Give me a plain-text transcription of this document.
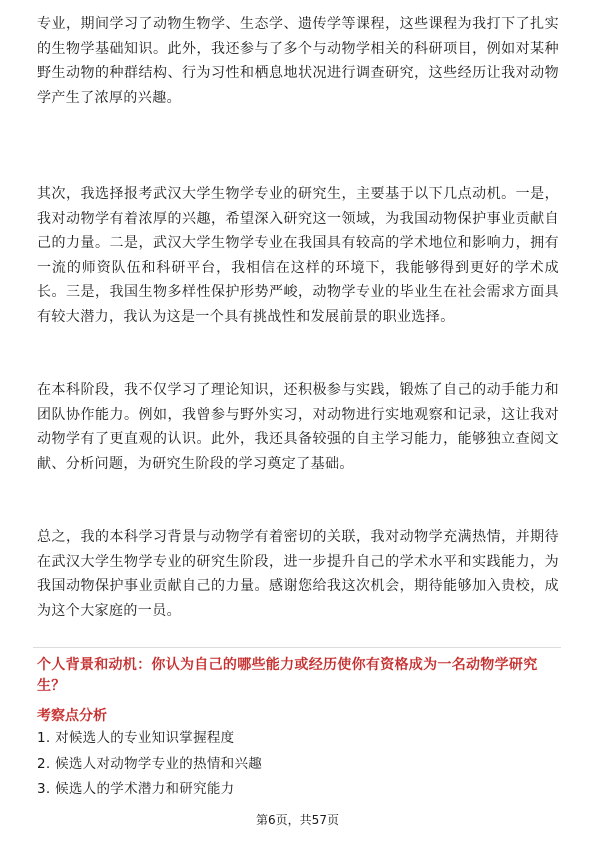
专业，期间学习了动物生物学、生态学、遗传学等课程，这些课程为我打下了扎实的生物学基础知识。此外，我还参与了多个与动物学相关的科研项目，例如对某种野生动物的种群结构、行为习性和栖息地状况进行调查研究，这些经历让我对动物学产生了浓厚的兴趣。

其次，我选择报考武汉大学生物学专业的研究生，主要基于以下几点动机。一是，我对动物学有着浓厚的兴趣，希望深入研究这一领域，为我国动物保护事业贡献自己的力量。二是，武汉大学生物学专业在我国具有较高的学术地位和影响力，拥有一流的师资队伍和科研平台，我相信在这样的环境下，我能够得到更好的学术成长。三是，我国生物多样性保护形势严峻，动物学专业的毕业生在社会需求方面具有较大潜力，我认为这是一个具有挑战性和发展前景的职业选择。

在本科阶段，我不仅学习了理论知识，还积极参与实践，锻炼了自己的动手能力和团队协作能力。例如，我曾参与野外实习，对动物进行实地观察和记录，这让我对动物学有了更直观的认识。此外，我还具备较强的自主学习能力，能够独立查阅文献、分析问题，为研究生阶段的学习奠定了基础。

总之，我的本科学习背景与动物学有着密切的关联，我对动物学充满热情，并期待在武汉大学生物学专业的研究生阶段，进一步提升自己的学术水平和实践能力，为我国动物保护事业贡献自己的力量。感谢您给我这次机会，期待能够加入贵校，成为这个大家庭的一员。

个人背景和动机：你认为自己的哪些能力或经历使你有资格成为一名动物学研究生？

考察点分析

1. 对候选人的专业知识掌握程度
2. 候选人对动物学专业的热情和兴趣
3. 候选人的学术潜力和研究能力
第6页，共57页
